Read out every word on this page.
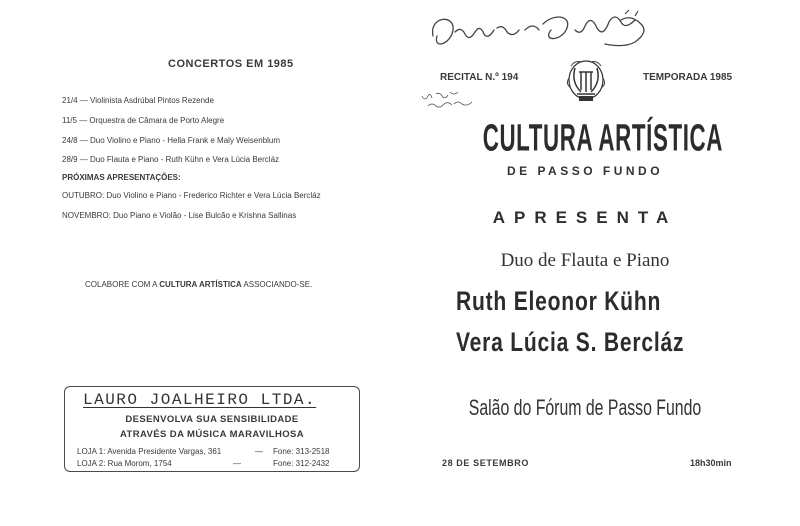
CONCERTOS EM 1985
21/4 — Violinista Asdrúbal Pintos Rezende
11/5 — Orquestra de Câmara de Porto Alegre
24/8 — Duo Violino e Piano - Hella Frank e Maly Weisenblum
28/9 — Duo Flauta e Piano - Ruth Kühn e Vera Lúcia Bercláz
PRÓXIMAS APRESENTAÇÕES:
OUTUBRO: Duo Violino e Piano - Frederico Richter e Vera Lúcia Bercláz
NOVEMBRO: Duo Piano e Violão - Lise Bulcão e Krishna Sallinas
COLABORE COM A CULTURA ARTÍSTICA ASSOCIANDO-SE.
LAURO JOALHEIRO LTDA.
DESENVOLVA SUA SENSIBILIDADE
ATRAVÉS DA MÚSICA MARAVILHOSA
LOJA 1: Avenida Presidente Vargas, 361	— Fone: 313-2518
LOJA 2: Rua Morom, 1754	—	Fone: 312-2432
RECITAL N.º 194	TEMPORADA 1985
CULTURA ARTÍSTICA
DE PASSO FUNDO
APRESENTA
Duo de Flauta e Piano
Ruth Eleonor Kühn
Vera Lúcia S. Bercláz
Salão do Fórum de Passo Fundo
28 DE SETEMBRO	18h30min
